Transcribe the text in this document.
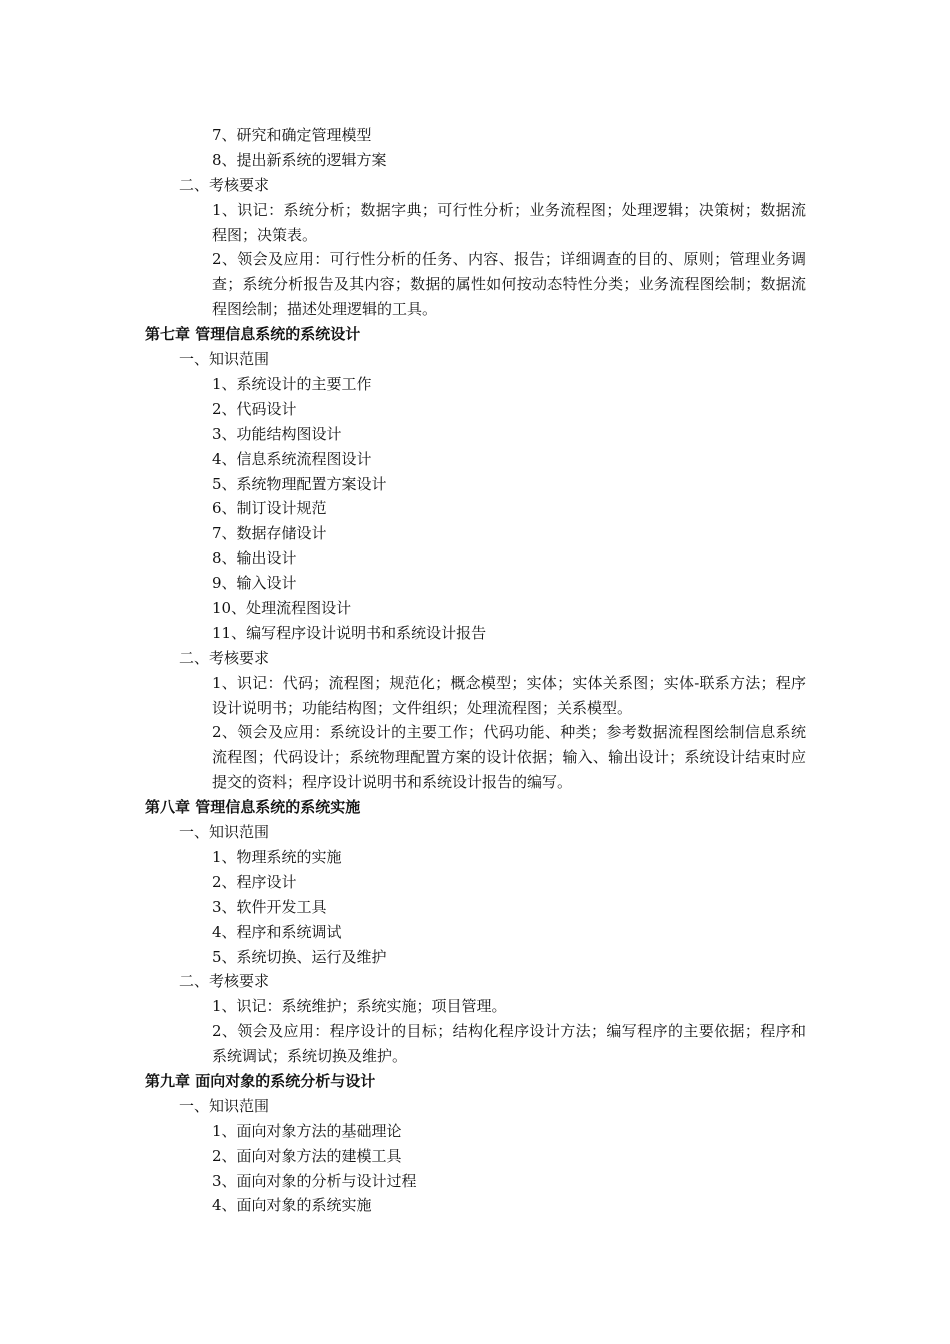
7、研究和确定管理模型
8、提出新系统的逻辑方案
二、考核要求
1、识记：系统分析；数据字典；可行性分析；业务流程图；处理逻辑；决策树；数据流程图；决策表。
2、领会及应用：可行性分析的任务、内容、报告；详细调查的目的、原则；管理业务调查；系统分析报告及其内容；数据的属性如何按动态特性分类；业务流程图绘制；数据流程图绘制；描述处理逻辑的工具。
第七章 管理信息系统的系统设计
一、知识范围
1、系统设计的主要工作
2、代码设计
3、功能结构图设计
4、信息系统流程图设计
5、系统物理配置方案设计
6、制订设计规范
7、数据存储设计
8、输出设计
9、输入设计
10、处理流程图设计
11、编写程序设计说明书和系统设计报告
二、考核要求
1、识记：代码；流程图；规范化；概念模型；实体；实体关系图；实体-联系方法；程序设计说明书；功能结构图；文件组织；处理流程图；关系模型。
2、领会及应用：系统设计的主要工作；代码功能、种类；参考数据流程图绘制信息系统流程图；代码设计；系统物理配置方案的设计依据；输入、输出设计；系统设计结束时应提交的资料；程序设计说明书和系统设计报告的编写。
第八章 管理信息系统的系统实施
一、知识范围
1、物理系统的实施
2、程序设计
3、软件开发工具
4、程序和系统调试
5、系统切换、运行及维护
二、考核要求
1、识记：系统维护；系统实施；项目管理。
2、领会及应用：程序设计的目标；结构化程序设计方法；编写程序的主要依据；程序和系统调试；系统切换及维护。
第九章 面向对象的系统分析与设计
一、知识范围
1、面向对象方法的基础理论
2、面向对象方法的建模工具
3、面向对象的分析与设计过程
4、面向对象的系统实施
